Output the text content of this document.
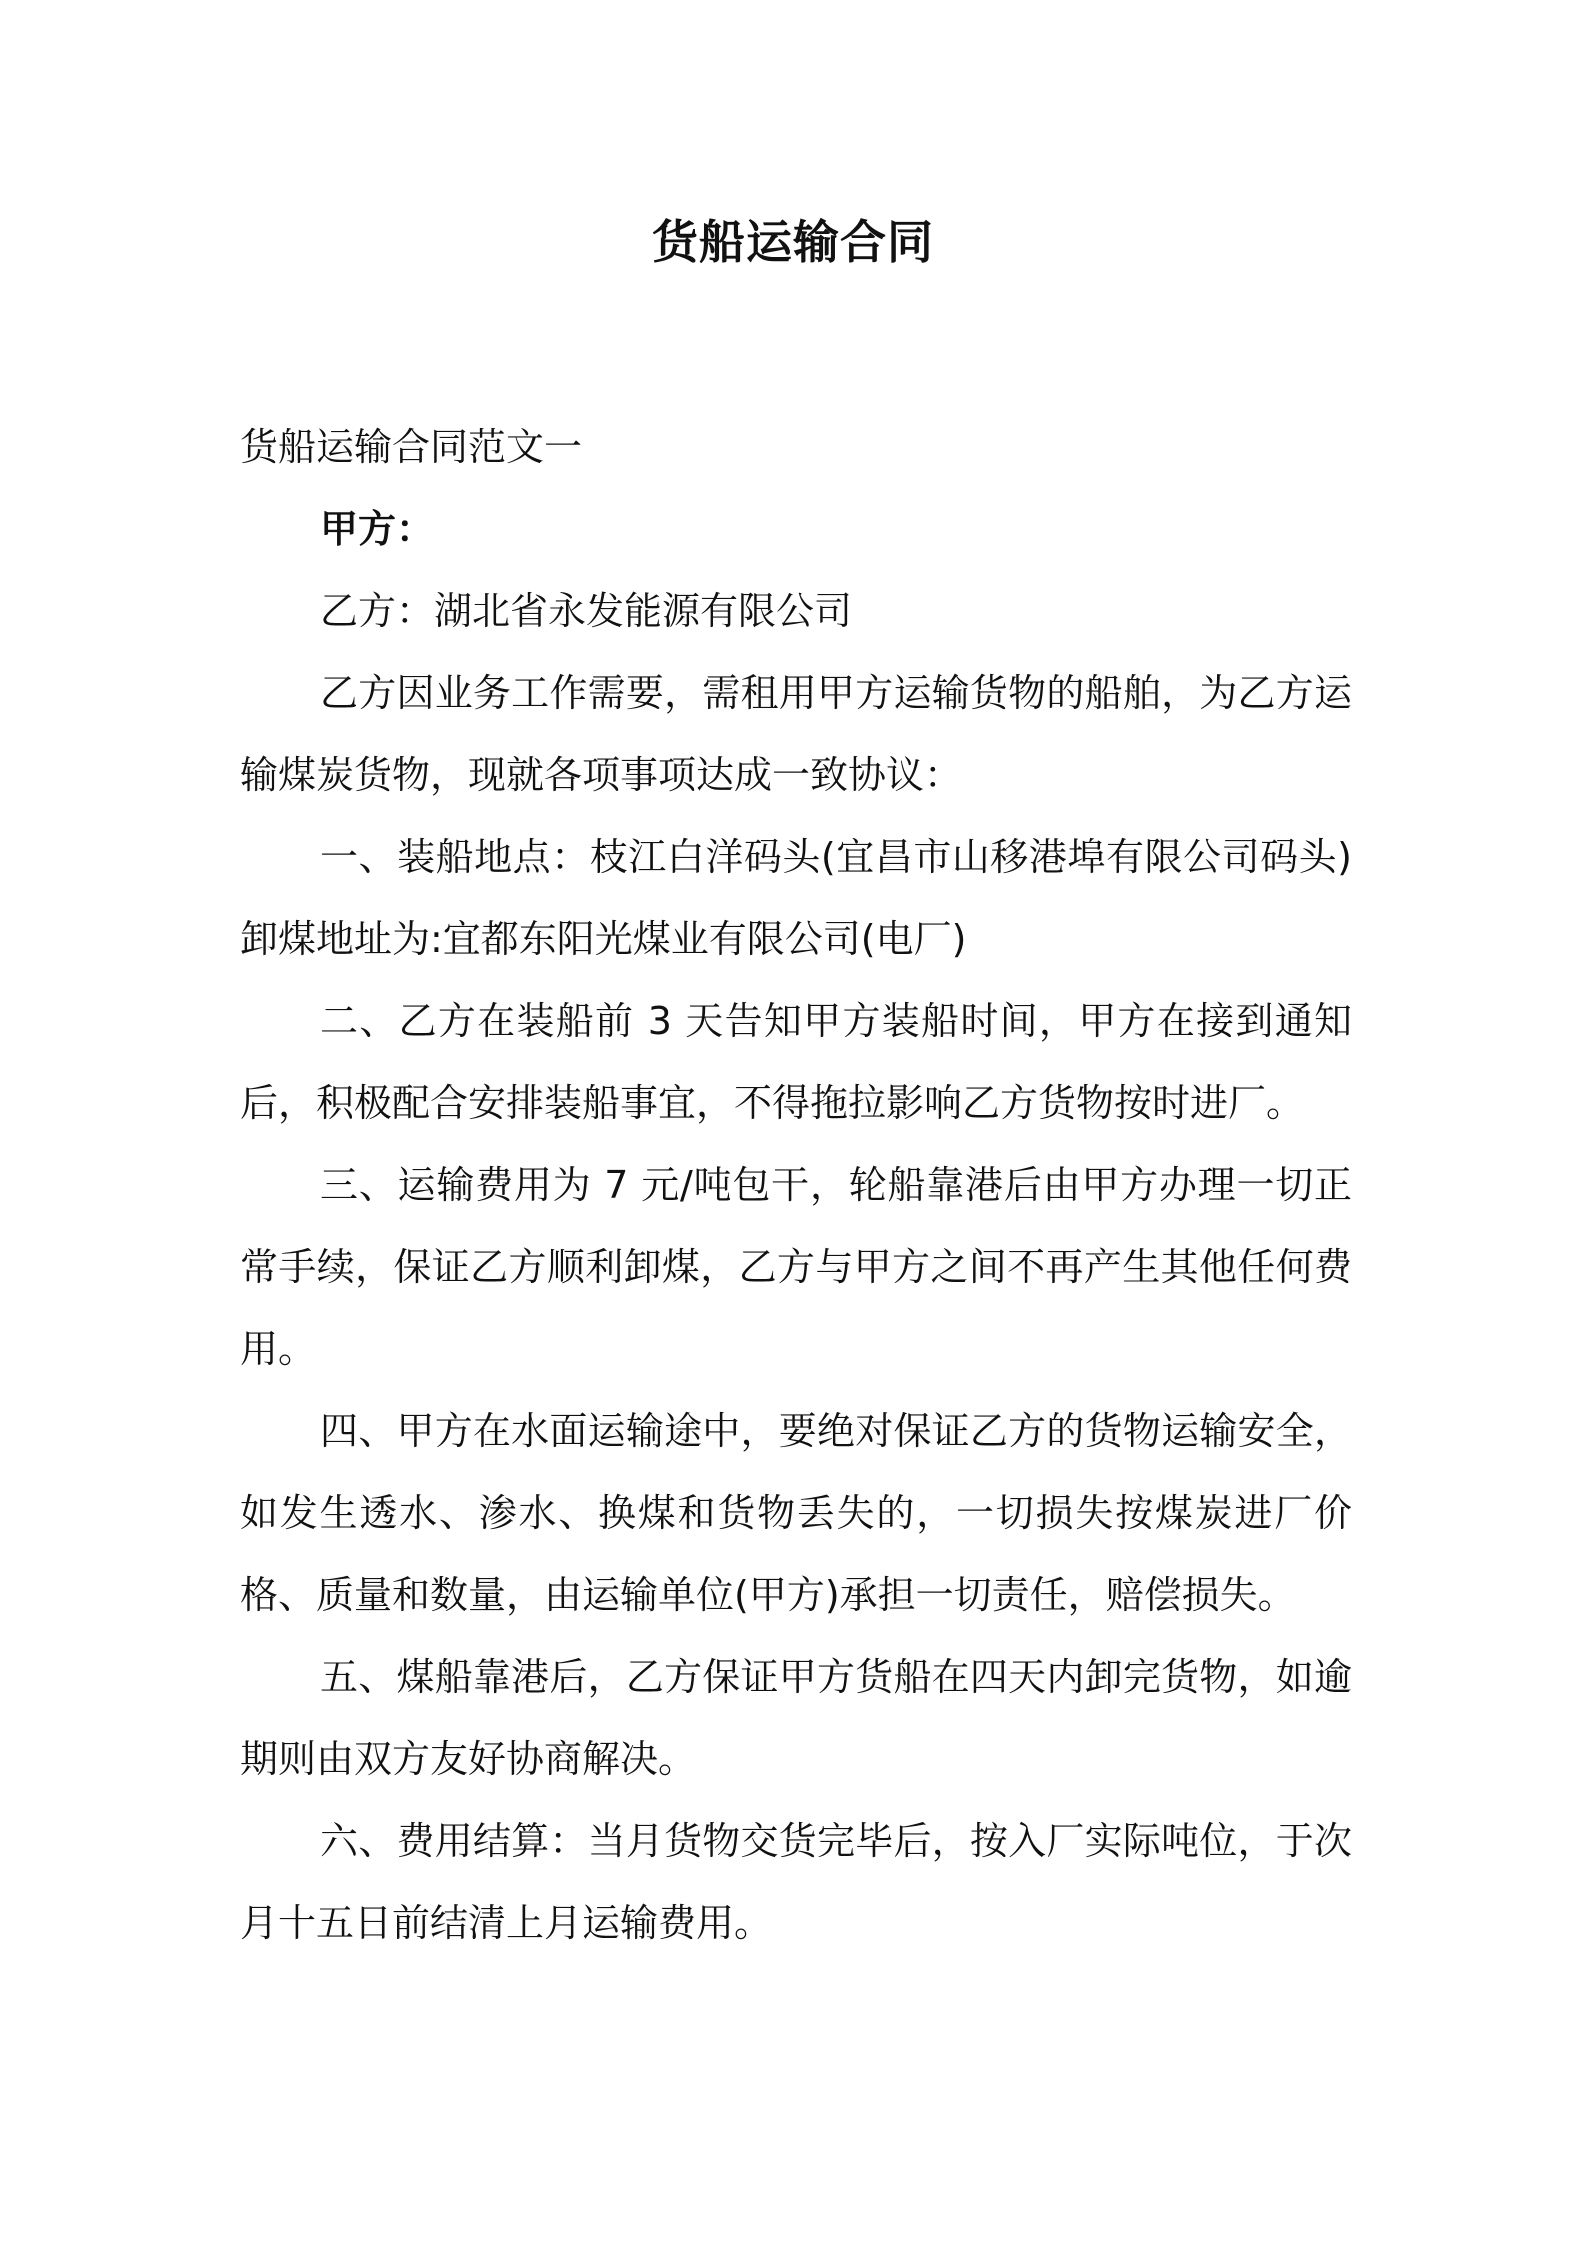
货船运输合同

货船运输合同范文一

甲方：

乙方：湖北省永发能源有限公司

乙方因业务工作需要，需租用甲方运输货物的船舶，为乙方运输煤炭货物，现就各项事项达成一致协议：

一、装船地点：枝江白洋码头(宜昌市山移港埠有限公司码头)卸煤地址为:宜都东阳光煤业有限公司(电厂)

二、乙方在装船前 3 天告知甲方装船时间，甲方在接到通知后，积极配合安排装船事宜，不得拖拉影响乙方货物按时进厂。

三、运输费用为 7 元/吨包干，轮船靠港后由甲方办理一切正常手续，保证乙方顺利卸煤，乙方与甲方之间不再产生其他任何费用。

四、甲方在水面运输途中，要绝对保证乙方的货物运输安全，如发生透水、渗水、换煤和货物丢失的，一切损失按煤炭进厂价格、质量和数量，由运输单位(甲方)承担一切责任，赔偿损失。

五、煤船靠港后，乙方保证甲方货船在四天内卸完货物，如逾期则由双方友好协商解决。

六、费用结算：当月货物交货完毕后，按入厂实际吨位，于次月十五日前结清上月运输费用。
